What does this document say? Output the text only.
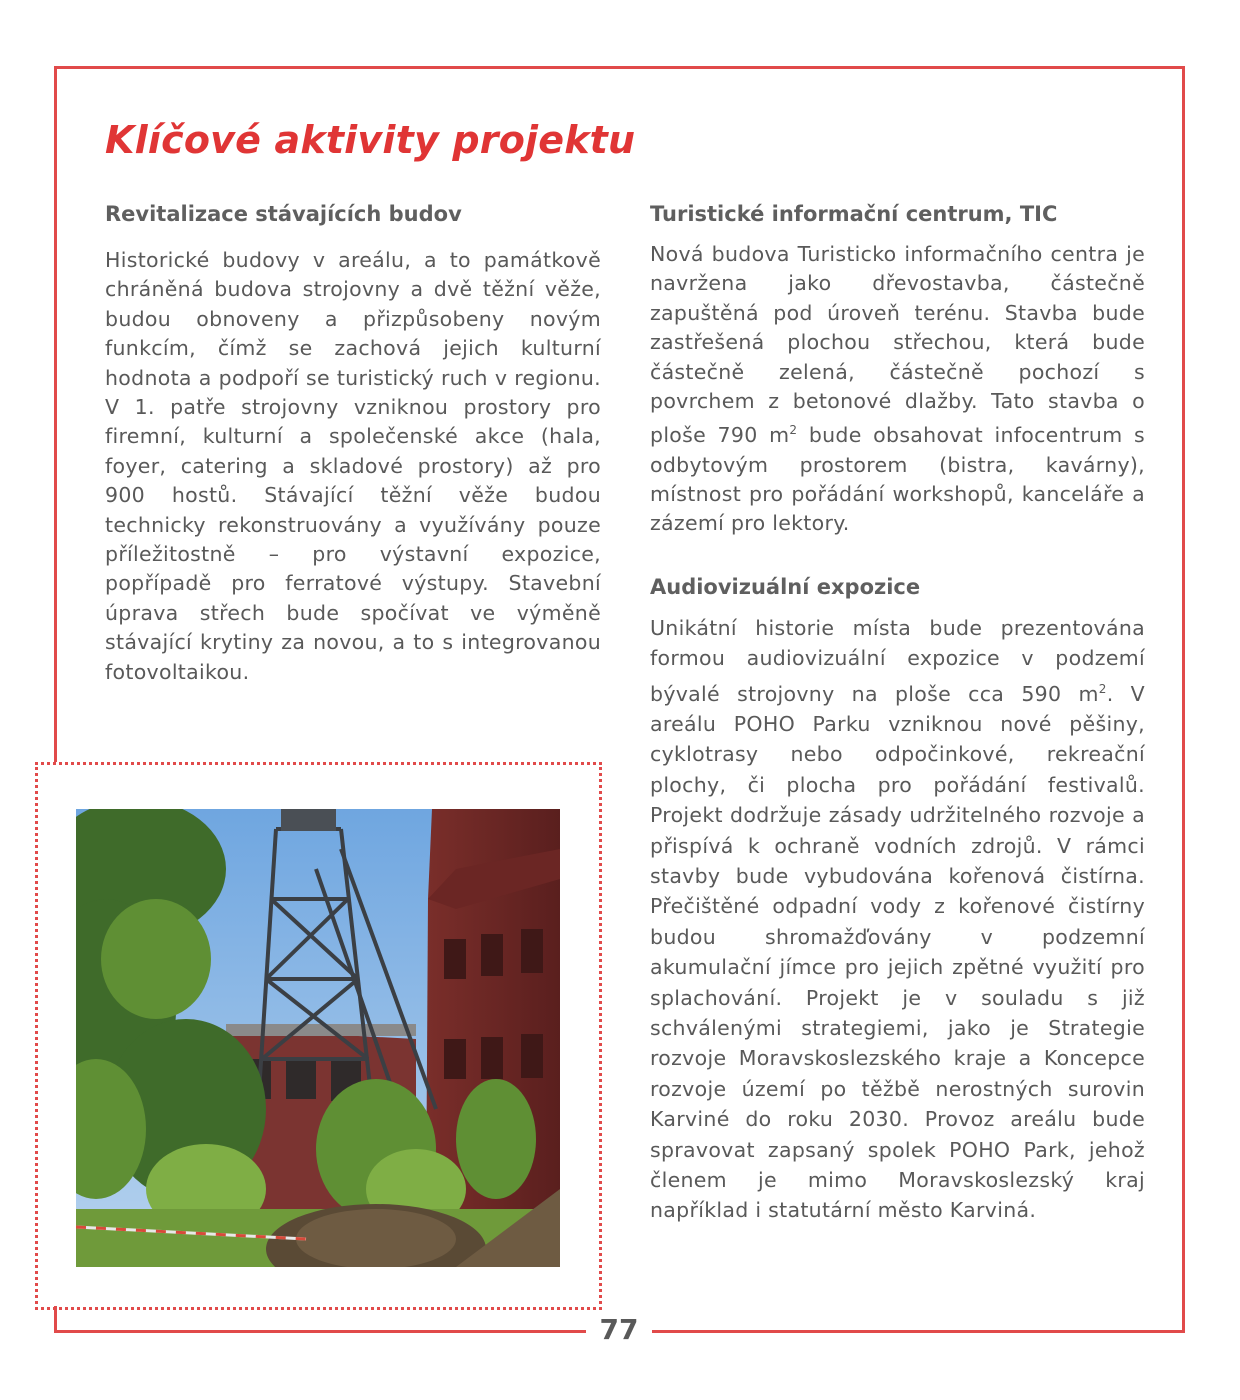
77
Klíčové aktivity projektu
Revitalizace stávajících budov

Historické budovy v areálu, a to památkově chráněná budova strojovny a dvě těžní věže, budou obnoveny a přizpůsobeny novým funkcím, čímž se zachová jejich kulturní hodnota a podpoří se turistický ruch v regionu. V 1. patře strojovny vzniknou prostory pro firemní, kulturní a společenské akce (hala, foyer, catering a skladové prostory) až pro 900 hostů. Stávající těžní věže budou technicky rekonstruovány a využívány pouze příležitostně – pro výstavní expozice, popřípadě pro ferratové výstupy. Stavební úprava střech bude spočívat ve výměně stávající krytiny za novou, a to s integrovanou fotovoltaikou.

Turistické informační centrum, TIC

Nová budova Turisticko informačního centra je navržena jako dřevostavba, částečně zapuštěná pod úroveň terénu. Stavba bude zastřešená plochou střechou, která bude částečně zelená, částečně pochozí s povrchem z betonové dlažby. Tato stavba o ploše 790 $m^2$ bude obsahovat infocentrum s odbytovým prostorem (bistra, kavárny), místnost pro pořádání workshopů, kanceláře a zázemí pro lektory.

Audiovizuální expozice

Unikátní historie místa bude prezentována formou audiovizuální expozice v podzemí bývalé strojovny na ploše cca 590 $m^2$. V areálu POHO Parku vzniknou nové pěšiny, cyklotrasy nebo odpočinkové, rekreační plochy, či plocha pro pořádání festivalů. Projekt dodržuje zásady udržitelného rozvoje a přispívá k ochraně vodních zdrojů. V rámci stavby bude vybudována kořenová čistírna. Přečištěné odpadní vody z kořenové čistírny budou shromažďovány v podzemní akumulační jímce pro jejich zpětné využití pro splachování. Projekt je v souladu s již schválenými strategiemi, jako je Strategie rozvoje Moravskoslezského kraje a Koncepce rozvoje území po těžbě nerostných surovin Karviné do roku 2030. Provoz areálu bude spravovat zapsaný spolek POHO Park, jehož členem je mimo Moravskoslezský kraj například i statutární město Karviná.
